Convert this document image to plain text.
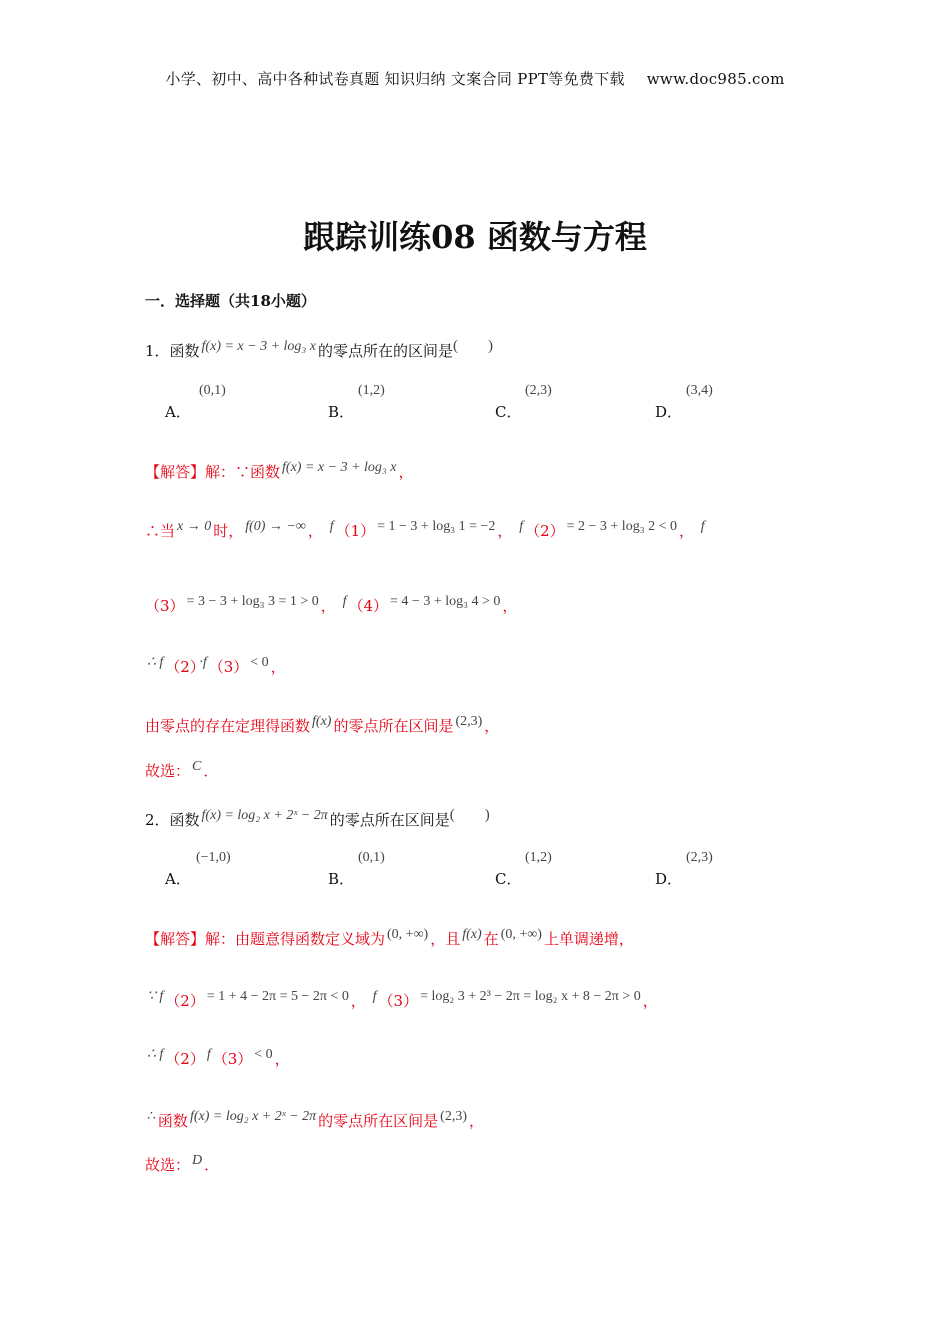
小学、初中、高中各种试卷真题 知识归纳 文案合同 PPT等免费下载 www.doc985.com
跟踪训练08 函数与方程
一．选择题（共18小题）
1．函数 f(x) = x − 3 + log₃ x 的零点所在的区间是(　　)
(0,1)
A．
(1,2)
B．
(2,3)
C．
(3,4)
D．
【解答】解：∵函数 f(x) = x − 3 + log₃ x ，
∴当 x → 0 时， f(0) → −∞ ， f （1） = 1 − 3 + log₃ 1 = −2 ， f （2） = 2 − 3 + log₃ 2 < 0 ， f
（3） = 3 − 3 + log₃ 3 = 1 > 0 ， f （4） = 4 − 3 + log₃ 4 > 0 ，
∴ f （2） ·f （3） < 0 ，
由零点的存在定理得函数 f(x) 的零点所在区间是 (2,3) ，
故选： C ．
2．函数 f(x) = log₂ x + 2ˣ − 2π 的零点所在区间是(　　)
(−1,0)
A．
(0,1)
B．
(1,2)
C．
(2,3)
D．
【解答】解：由题意得函数定义域为 (0, +∞) ，且 f(x) 在 (0, +∞) 上单调递增，
∵ f （2） = 1 + 4 − 2π = 5 − 2π < 0 ， f （3） = log₂ 3 + 2³ − 2π = log₂ x + 8 − 2π > 0 ，
∴ f （2） f （3） < 0 ，
∴ 函数 f(x) = log₂ x + 2ˣ − 2π 的零点所在区间是 (2,3) ，
故选： D ．
